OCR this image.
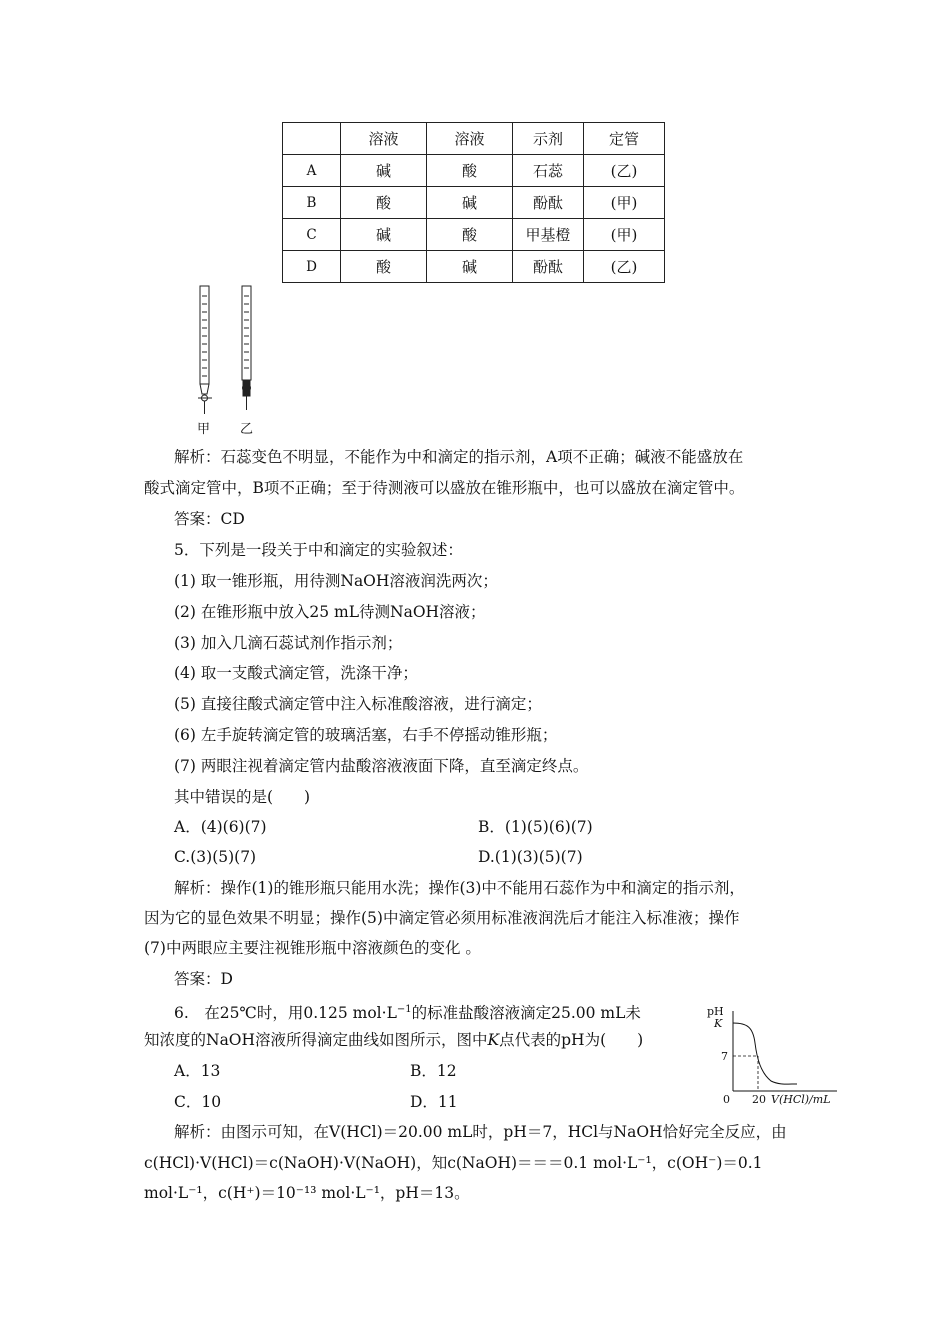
	溶液	溶液	示剂	定管
A	碱	酸	石蕊	(乙)
B	酸	碱	酚酞	(甲)
C	碱	酸	甲基橙	(甲)
D	酸	碱	酚酞	(乙)
甲 乙
解析：石蕊变色不明显，不能作为中和滴定的指示剂，A项不正确；碱液不能盛放在
酸式滴定管中，B项不正确；至于待测液可以盛放在锥形瓶中，也可以盛放在滴定管中。
答案：CD
5．下列是一段关于中和滴定的实验叙述：
(1) 取一锥形瓶，用待测NaOH溶液润洗两次；
(2) 在锥形瓶中放入25 mL待测NaOH溶液；
(3) 加入几滴石蕊试剂作指示剂；
(4) 取一支酸式滴定管，洗涤干净；
(5) 直接往酸式滴定管中注入标准酸溶液，进行滴定；
(6) 左手旋转滴定管的玻璃活塞，右手不停摇动锥形瓶；
(7) 两眼注视着滴定管内盐酸溶液液面下降，直至滴定终点。
其中错误的是(　　)
A．(4)(6)(7)	B．(1)(5)(6)(7)
C.(3)(5)(7)	D.(1)(3)(5)(7)
解析：操作(1)的锥形瓶只能用水洗；操作(3)中不能用石蕊作为中和滴定的指示剂，
因为它的显色效果不明显；操作(5)中滴定管必须用标准液润洗后才能注入标准液；操作
(7)中两眼应主要注视锥形瓶中溶液颜色的变化 。
答案：D
6.　在25℃时，用0.125 $mol\cdot L^{-1}$的标准盐酸溶液滴定25.00 mL未
知浓度的NaOH溶液所得滴定曲线如图所示，图中K点代表的pH为(　　)
A．13	B．12
C．10	D．11
pH
K
7
0 20 V(HCl)/mL
解析：由图示可知，在V(HCl)＝20.00 mL时，pH＝7，HCl与NaOH恰好完全反应，由
c(HCl)·V(HCl)＝c(NaOH)·V(NaOH)，知c(NaOH)＝＝＝0.1 mol·L⁻¹，c(OH⁻)＝0.1
mol·L⁻¹，c(H⁺)＝10⁻¹³ mol·L⁻¹，pH＝13。
